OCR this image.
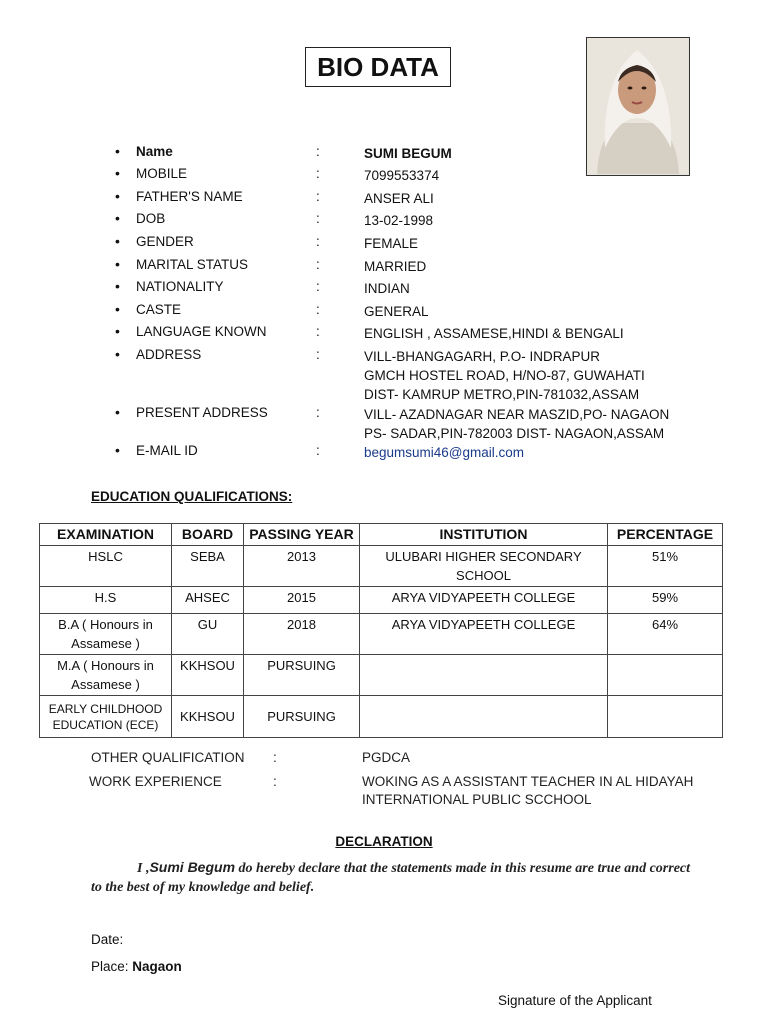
BIO DATA
• Name	:	SUMI BEGUM
• MOBILE	:	7099553374
• FATHER'S NAME	:	ANSER ALI
• DOB	:	13-02-1998
• GENDER	:	FEMALE
• MARITAL STATUS	:	MARRIED
• NATIONALITY	:	INDIAN
• CASTE	:	GENERAL
• LANGUAGE KNOWN	:	ENGLISH , ASSAMESE,HINDI & BENGALI
• ADDRESS	:	VILL-BHANGAGARH, P.O- INDRAPUR
GMCH HOSTEL ROAD, H/NO-87, GUWAHATI
DIST- KAMRUP METRO,PIN-781032,ASSAM
• PRESENT ADDRESS	:	VILL- AZADNAGAR NEAR MASZID,PO- NAGAON
PS- SADAR,PIN-782003 DIST- NAGAON,ASSAM
• E-MAIL ID	:	begumsumi46@gmail.com
EDUCATION QUALIFICATIONS:
EXAMINATION	BOARD	PASSING YEAR	INSTITUTION	PERCENTAGE
HSLC	SEBA	2013	ULUBARI HIGHER SECONDARY SCHOOL	51%
H.S	AHSEC	2015	ARYA VIDYAPEETH COLLEGE	59%
B.A ( Honours in Assamese )	GU	2018	ARYA VIDYAPEETH COLLEGE	64%
M.A ( Honours in Assamese )	KKHSOU	PURSUING		
EARLY CHILDHOOD EDUCATION (ECE)	KKHSOU	PURSUING		
OTHER QUALIFICATION :	PGDCA
WORK EXPERIENCE	:	WOKING AS A ASSISTANT TEACHER IN AL HIDAYAH
INTERNATIONAL PUBLIC SCCHOOL
DECLARATION
I ,Sumi Begum do hereby declare that the statements made in this resume are true and correct to the best of my knowledge and belief.
Date:
Place: Nagaon
Signature of the Applicant
